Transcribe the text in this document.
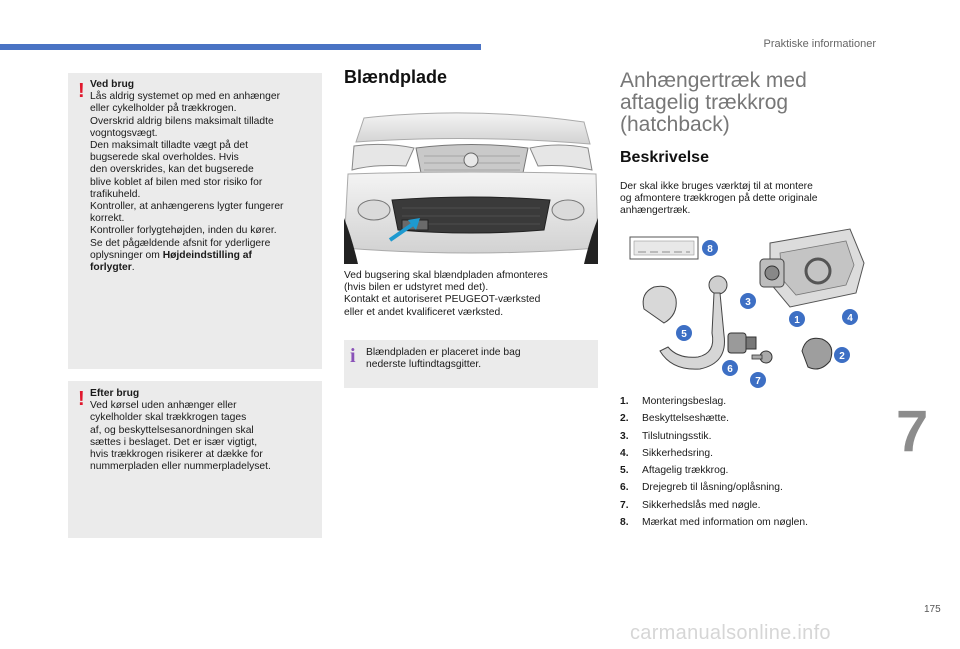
Praktiske informationer
! Ved brug
Lås aldrig systemet op med en anhænger
eller cykelholder på trækkrogen.
Overskrid aldrig bilens maksimalt tilladte
vogntogsvægt.
Den maksimalt tilladte vægt på det
bugserede skal overholdes. Hvis
den overskrides, kan det bugserede
blive koblet af bilen med stor risiko for
trafikuheld.
Kontroller, at anhængerens lygter fungerer
korrekt.
Kontroller forlygtehøjden, inden du kører.
Se det pågældende afsnit for yderligere
oplysninger om Højdeindstilling af
forlygter.
! Efter brug
Ved kørsel uden anhænger eller
cykelholder skal trækkrogen tages
af, og beskyttelsesanordningen skal
sættes i beslaget. Det er især vigtigt,
hvis trækkrogen risikerer at dække for
nummerpladen eller nummerpladelyset.
Blændplade
Ved bugsering skal blændpladen afmonteres
(hvis bilen er udstyret med det).
Kontakt et autoriseret PEUGEOT-værksted
eller et andet kvalificeret værksted.
i Blændpladen er placeret inde bag
nederste luftindtagsgitter.
Anhængertræk med
aftagelig trækkrog
(hatchback)
Beskrivelse
Der skal ikke bruges værktøj til at montere
og afmontere trækkrogen på dette originale
anhængertræk.
1
2
3
4
5
6
7
8
1. Monteringsbeslag.
2. Beskyttelseshætte.
3. Tilslutningsstik.
4. Sikkerhedsring.
5. Aftagelig trækkrog.
6. Drejegreb til låsning/oplåsning.
7. Sikkerhedslås med nøgle.
8. Mærkat med information om nøglen.
7
175
carmanualsonline.info
